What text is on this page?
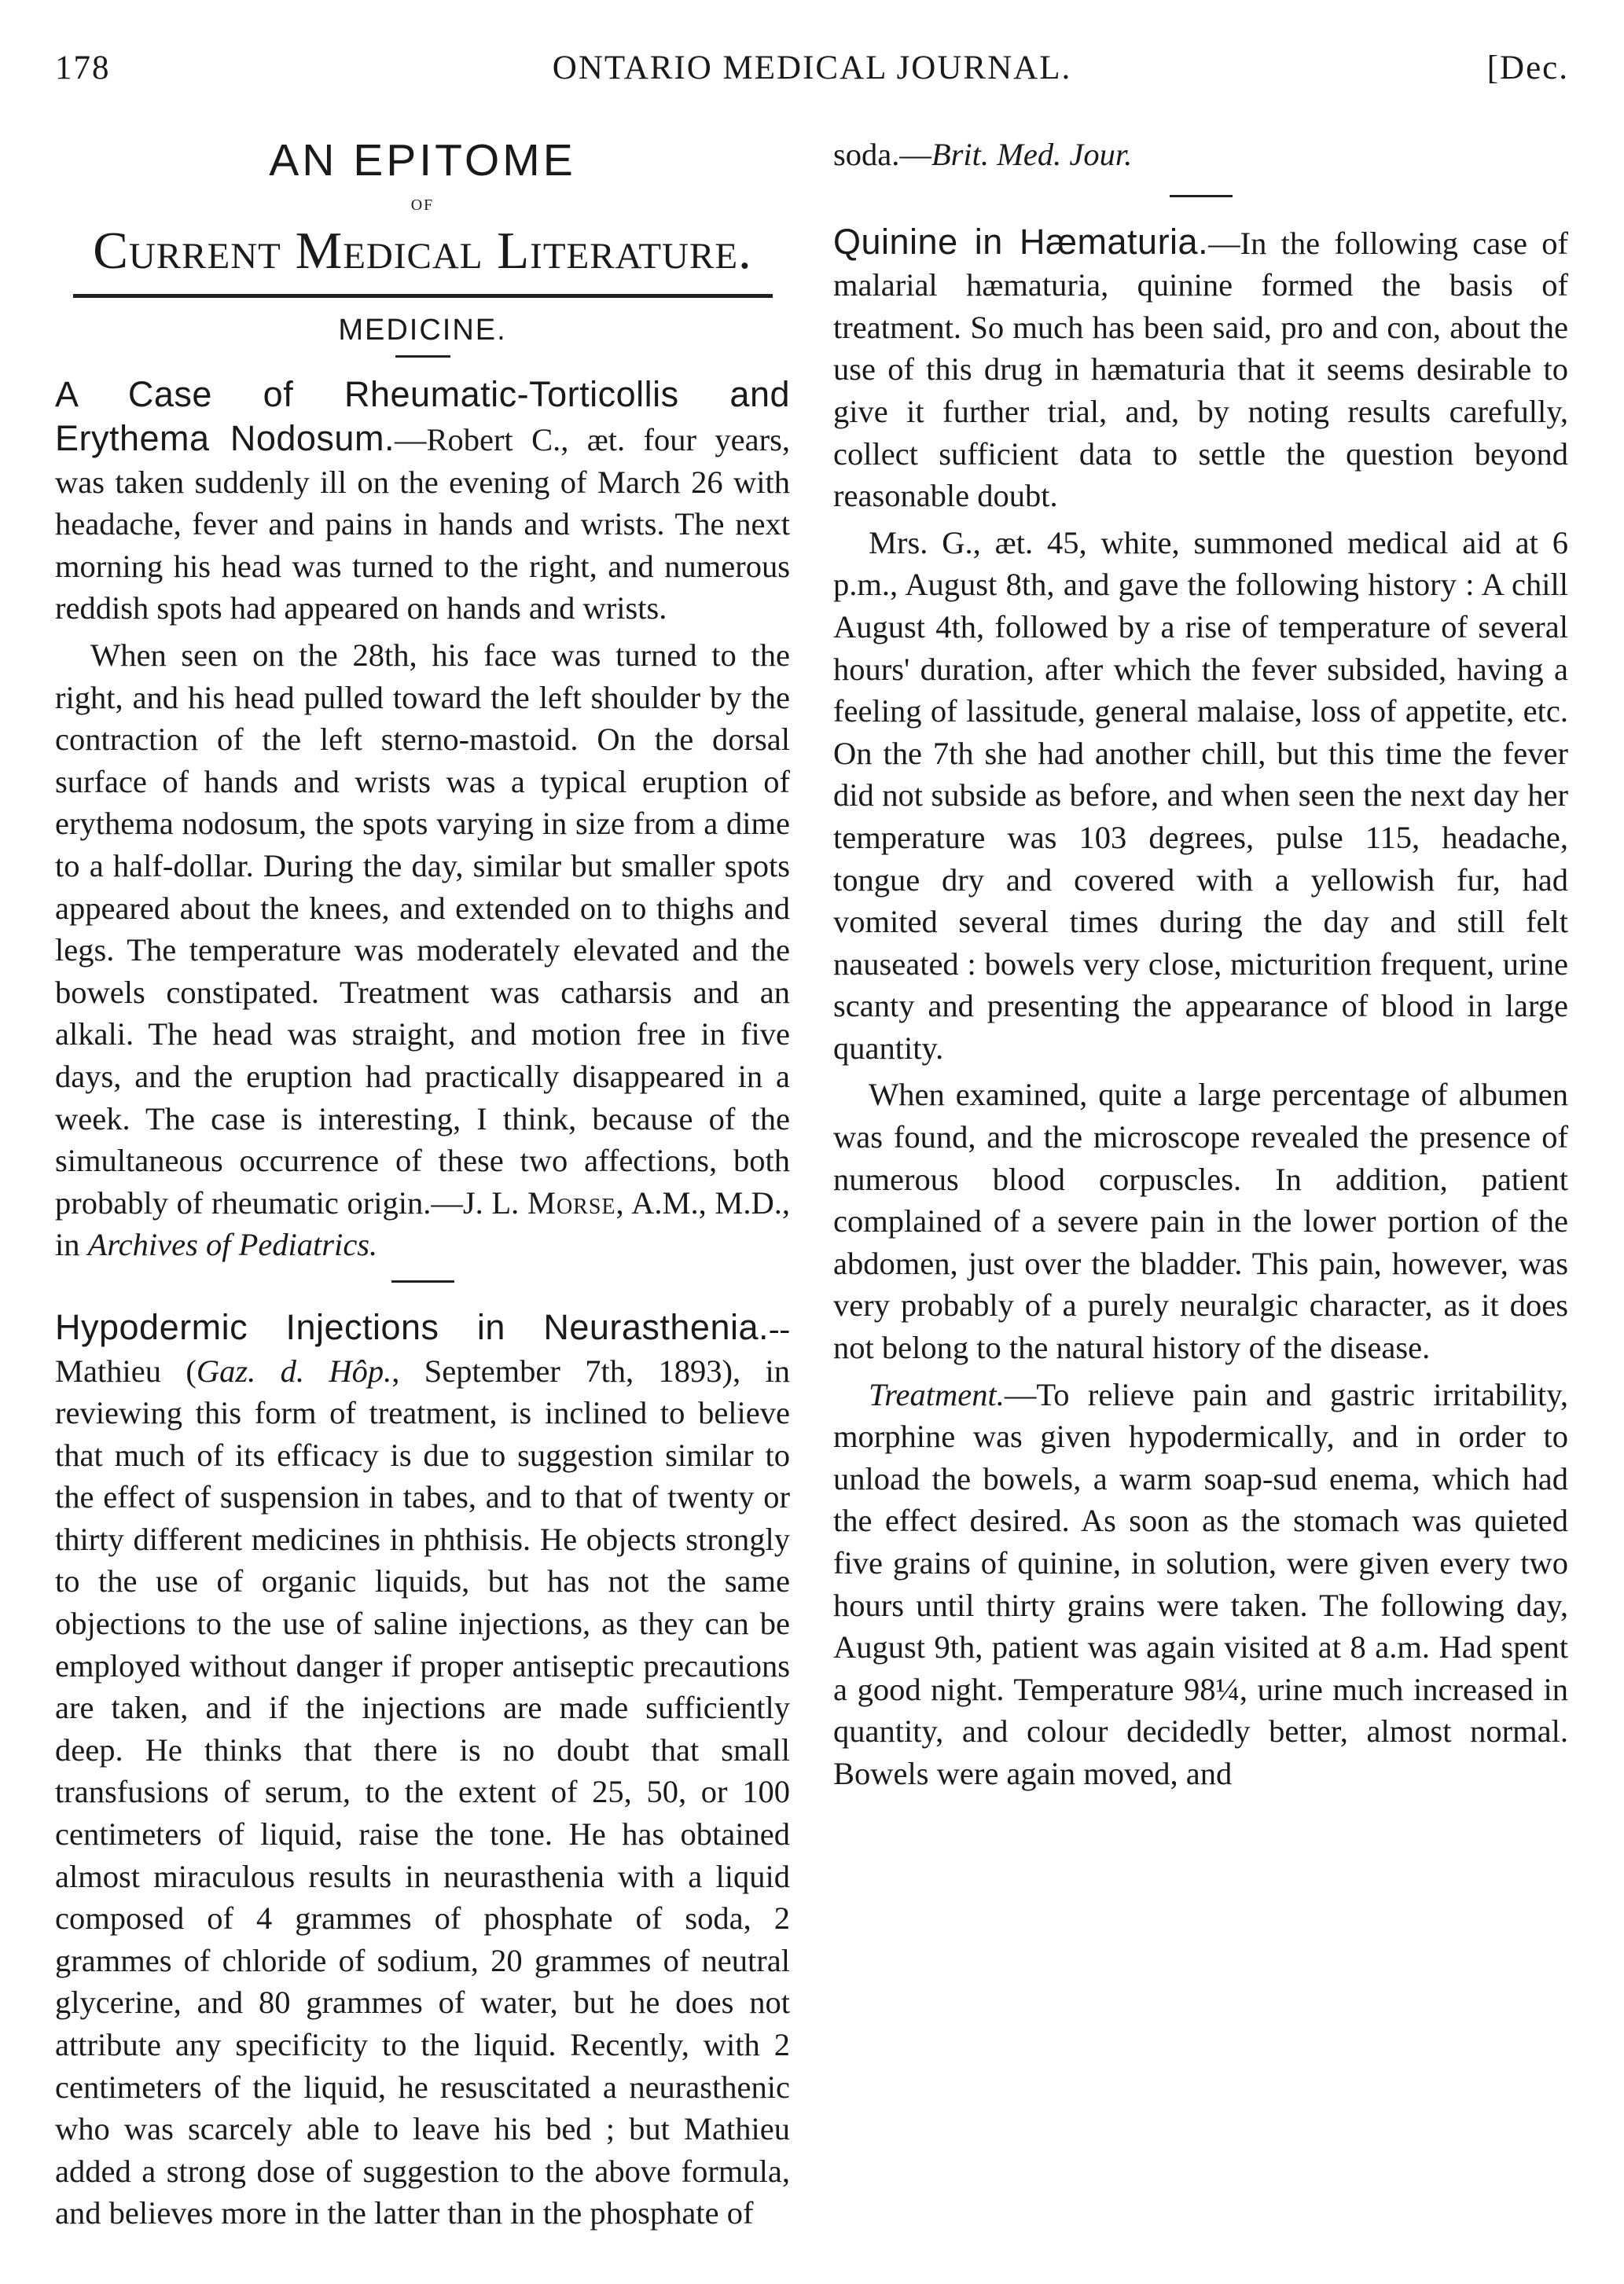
178	ONTARIO MEDICAL JOURNAL.	[Dec.
AN EPITOME
OF
Current Medical Literature.
MEDICINE.

A Case of Rheumatic-Torticollis and Erythema Nodosum.—Robert C., æt. four years, was taken suddenly ill on the evening of March 26 with headache, fever and pains in hands and wrists. The next morning his head was turned to the right, and numerous reddish spots had appeared on hands and wrists.

When seen on the 28th, his face was turned to the right, and his head pulled toward the left shoulder by the contraction of the left sterno-mastoid. On the dorsal surface of hands and wrists was a typical eruption of erythema nodosum, the spots varying in size from a dime to a half-dollar. During the day, similar but smaller spots appeared about the knees, and extended on to thighs and legs. The temperature was moderately elevated and the bowels constipated. Treatment was catharsis and an alkali. The head was straight, and motion free in five days, and the eruption had practically disappeared in a week. The case is interesting, I think, because of the simultaneous occurrence of these two affections, both probably of rheumatic origin.—J. L. Morse, A.M., M.D., in Archives of Pediatrics.

Hypodermic Injections in Neurasthenia.--Mathieu (Gaz. d. Hôp., September 7th, 1893), in reviewing this form of treatment, is inclined to believe that much of its efficacy is due to suggestion similar to the effect of suspension in tabes, and to that of twenty or thirty different medicines in phthisis. He objects strongly to the use of organic liquids, but has not the same objections to the use of saline injections, as they can be employed without danger if proper antiseptic precautions are taken, and if the injections are made sufficiently deep. He thinks that there is no doubt that small transfusions of serum, to the extent of 25, 50, or 100 centimeters of liquid, raise the tone. He has obtained almost miraculous results in neurasthenia with a liquid composed of 4 grammes of phosphate of soda, 2 grammes of chloride of sodium, 20 grammes of neutral glycerine, and 80 grammes of water, but he does not attribute any specificity to the liquid. Recently, with 2 centimeters of the liquid, he resuscitated a neurasthenic who was scarcely able to leave his bed ; but Mathieu added a strong dose of suggestion to the above formula, and believes more in the latter than in the phosphate of

soda.—Brit. Med. Jour.

Quinine in Hæmaturia.—In the following case of malarial hæmaturia, quinine formed the basis of treatment. So much has been said, pro and con, about the use of this drug in hæmaturia that it seems desirable to give it further trial, and, by noting results carefully, collect sufficient data to settle the question beyond reasonable doubt.

Mrs. G., æt. 45, white, summoned medical aid at 6 p.m., August 8th, and gave the following history : A chill August 4th, followed by a rise of temperature of several hours' duration, after which the fever subsided, having a feeling of lassitude, general malaise, loss of appetite, etc. On the 7th she had another chill, but this time the fever did not subside as before, and when seen the next day her temperature was 103 degrees, pulse 115, headache, tongue dry and covered with a yellowish fur, had vomited several times during the day and still felt nauseated : bowels very close, micturition frequent, urine scanty and presenting the appearance of blood in large quantity.

When examined, quite a large percentage of albumen was found, and the microscope revealed the presence of numerous blood corpuscles. In addition, patient complained of a severe pain in the lower portion of the abdomen, just over the bladder. This pain, however, was very probably of a purely neuralgic character, as it does not belong to the natural history of the disease.

Treatment.—To relieve pain and gastric irritability, morphine was given hypodermically, and in order to unload the bowels, a warm soap-sud enema, which had the effect desired. As soon as the stomach was quieted five grains of quinine, in solution, were given every two hours until thirty grains were taken. The following day, August 9th, patient was again visited at 8 a.m. Had spent a good night. Temperature 98¼, urine much increased in quantity, and colour decidedly better, almost normal. Bowels were again moved, and
